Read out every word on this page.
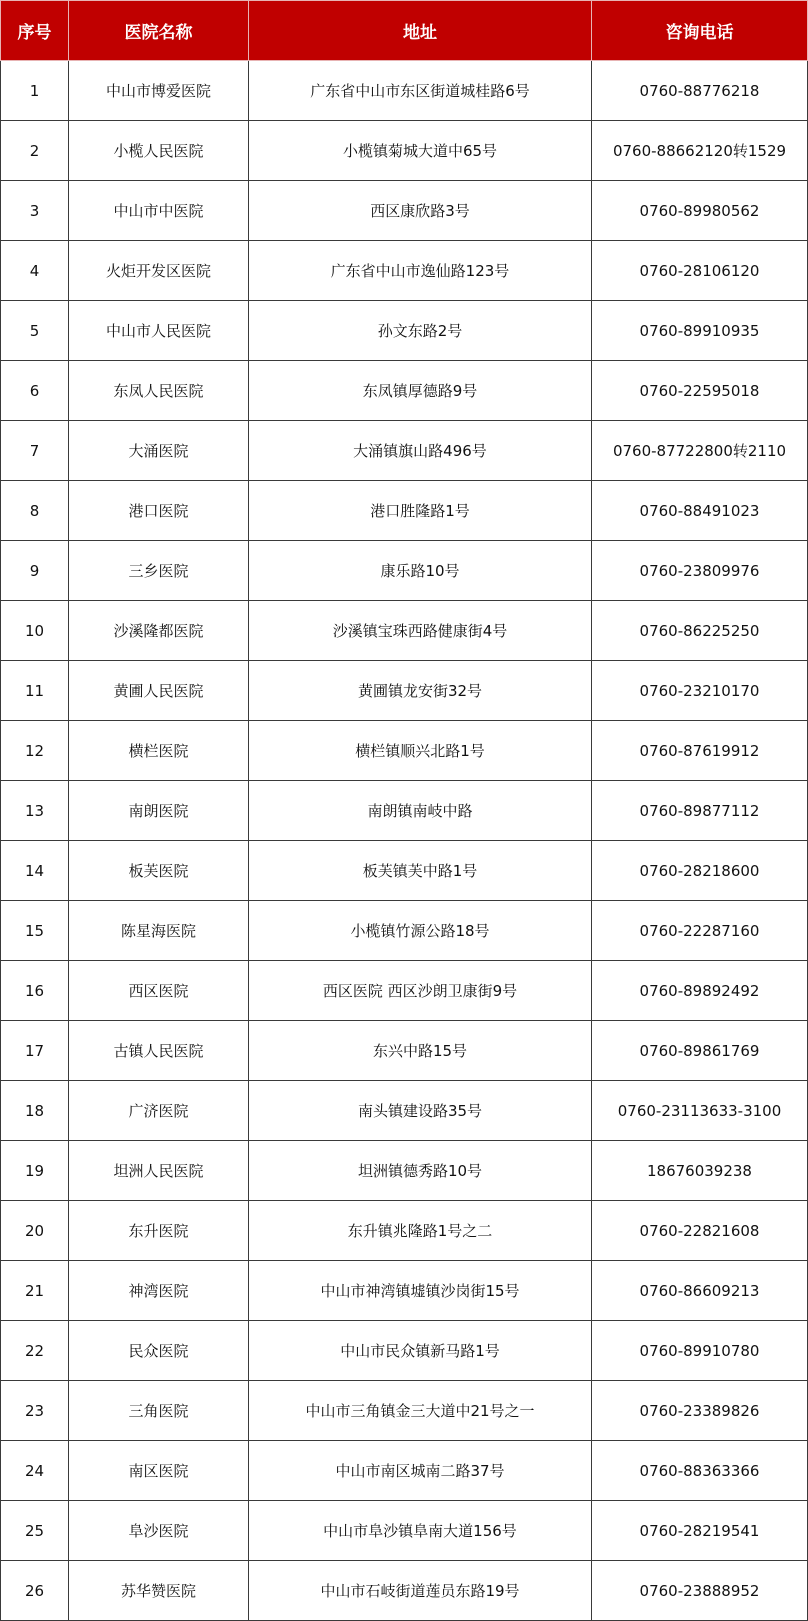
序号	医院名称	地址	咨询电话
1	中山市博爱医院	广东省中山市东区街道城桂路6号	0760-88776218
2	小榄人民医院	小榄镇菊城大道中65号	0760-88662120转1529
3	中山市中医院	西区康欣路3号	0760-89980562
4	火炬开发区医院	广东省中山市逸仙路123号	0760-28106120
5	中山市人民医院	孙文东路2号	0760-89910935
6	东凤人民医院	东凤镇厚德路9号	0760-22595018
7	大涌医院	大涌镇旗山路496号	0760-87722800转2110
8	港口医院	港口胜隆路1号	0760-88491023
9	三乡医院	康乐路10号	0760-23809976
10	沙溪隆都医院	沙溪镇宝珠西路健康街4号	0760-86225250
11	黄圃人民医院	黄圃镇龙安街32号	0760-23210170
12	横栏医院	横栏镇顺兴北路1号	0760-87619912
13	南朗医院	南朗镇南岐中路	0760-89877112
14	板芙医院	板芙镇芙中路1号	0760-28218600
15	陈星海医院	小榄镇竹源公路18号	0760-22287160
16	西区医院	西区医院 西区沙朗卫康街9号	0760-89892492
17	古镇人民医院	东兴中路15号	0760-89861769
18	广济医院	南头镇建设路35号	0760-23113633-3100
19	坦洲人民医院	坦洲镇德秀路10号	18676039238
20	东升医院	东升镇兆隆路1号之二	0760-22821608
21	神湾医院	中山市神湾镇墟镇沙岗街15号	0760-86609213
22	民众医院	中山市民众镇新马路1号	0760-89910780
23	三角医院	中山市三角镇金三大道中21号之一	0760-23389826
24	南区医院	中山市南区城南二路37号	0760-88363366
25	阜沙医院	中山市阜沙镇阜南大道156号	0760-28219541
26	苏华赞医院	中山市石岐街道莲员东路19号	0760-23888952
